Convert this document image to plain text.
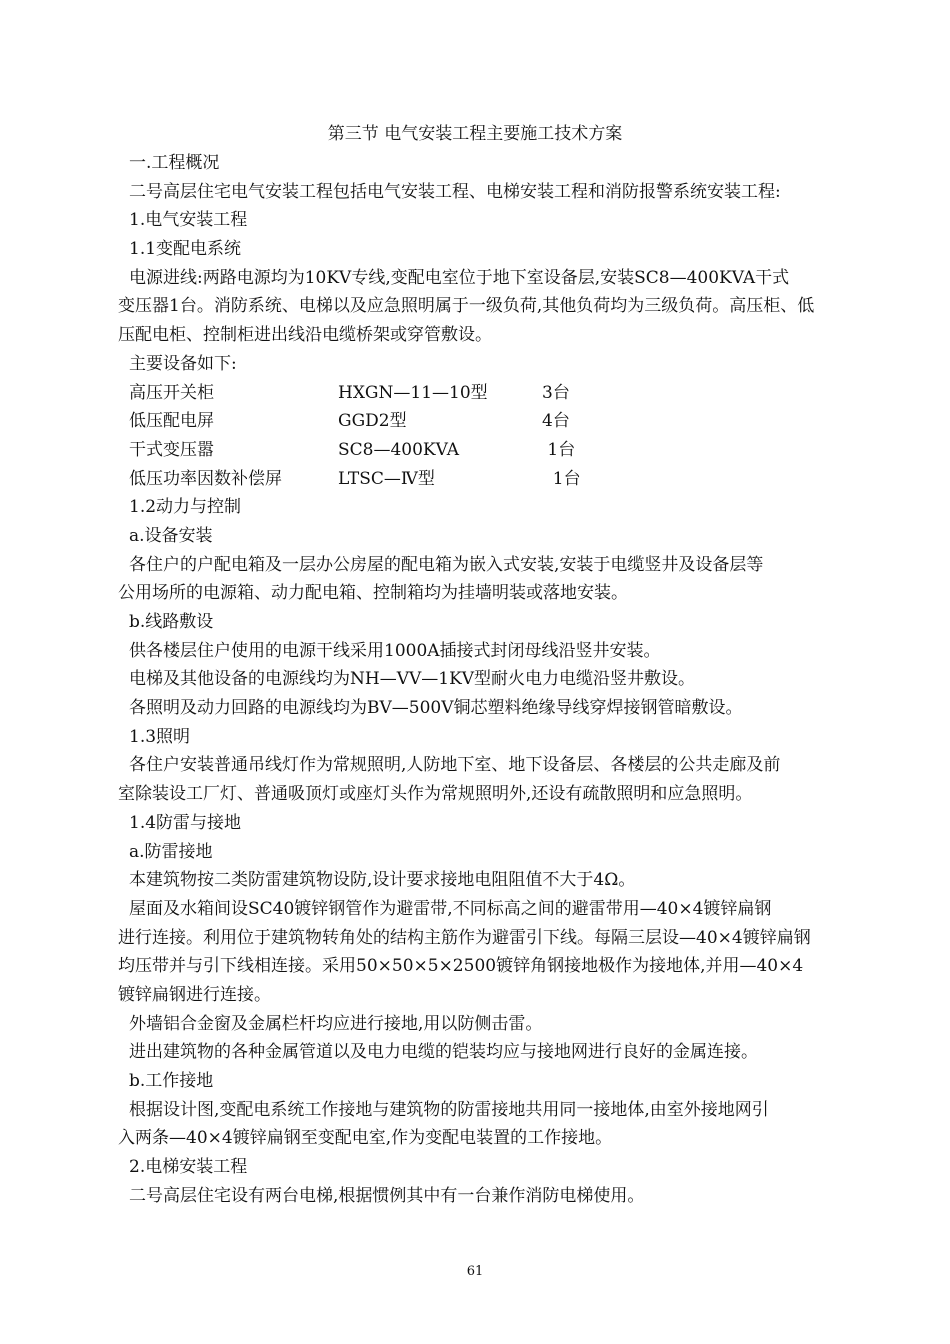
第三节 电气安装工程主要施工技术方案
一.工程概况
二号高层住宅电气安装工程包括电气安装工程、电梯安装工程和消防报警系统安装工程:
1.电气安装工程
1.1变配电系统
电源进线:两路电源均为10KV专线,变配电室位于地下室设备层,安装SC8—400KVA干式
变压器1台。消防系统、电梯以及应急照明属于一级负荷,其他负荷均为三级负荷。高压柜、低
压配电柜、控制柜进出线沿电缆桥架或穿管敷设。
主要设备如下:
高压开关柜	HXGN—11—10型	3台
低压配电屏	GGD2型	4台
干式变压嚣	SC8—400KVA	1台
低压功率因数补偿屏	LTSC—Ⅳ型	1台
1.2动力与控制
a.设备安装
各住户的户配电箱及一层办公房屋的配电箱为嵌入式安装,安装于电缆竖井及设备层等
公用场所的电源箱、动力配电箱、控制箱均为挂墙明装或落地安装。
b.线路敷设
供各楼层住户使用的电源干线采用1000A插接式封闭母线沿竖井安装。
电梯及其他设备的电源线均为NH—VV—1KV型耐火电力电缆沿竖井敷设。
各照明及动力回路的电源线均为BV—500V铜芯塑料绝缘导线穿焊接钢管暗敷设。
1.3照明
各住户安装普通吊线灯作为常规照明,人防地下室、地下设备层、各楼层的公共走廊及前
室除装设工厂灯、普通吸顶灯或座灯头作为常规照明外,还设有疏散照明和应急照明。
1.4防雷与接地
a.防雷接地
本建筑物按二类防雷建筑物设防,设计要求接地电阻阻值不大于4Ω。
屋面及水箱间设SC40镀锌钢管作为避雷带,不同标高之间的避雷带用—40×4镀锌扁钢
进行连接。利用位于建筑物转角处的结构主筋作为避雷引下线。每隔三层设—40×4镀锌扁钢
均压带并与引下线相连接。采用50×50×5×2500镀锌角钢接地极作为接地体,并用—40×4
镀锌扁钢进行连接。
外墙铝合金窗及金属栏杆均应进行接地,用以防侧击雷。
进出建筑物的各种金属管道以及电力电缆的铠装均应与接地网进行良好的金属连接。
b.工作接地
根据设计图,变配电系统工作接地与建筑物的防雷接地共用同一接地体,由室外接地网引
入两条—40×4镀锌扁钢至变配电室,作为变配电装置的工作接地。
2.电梯安装工程
二号高层住宅设有两台电梯,根据惯例其中有一台兼作消防电梯使用。
61
